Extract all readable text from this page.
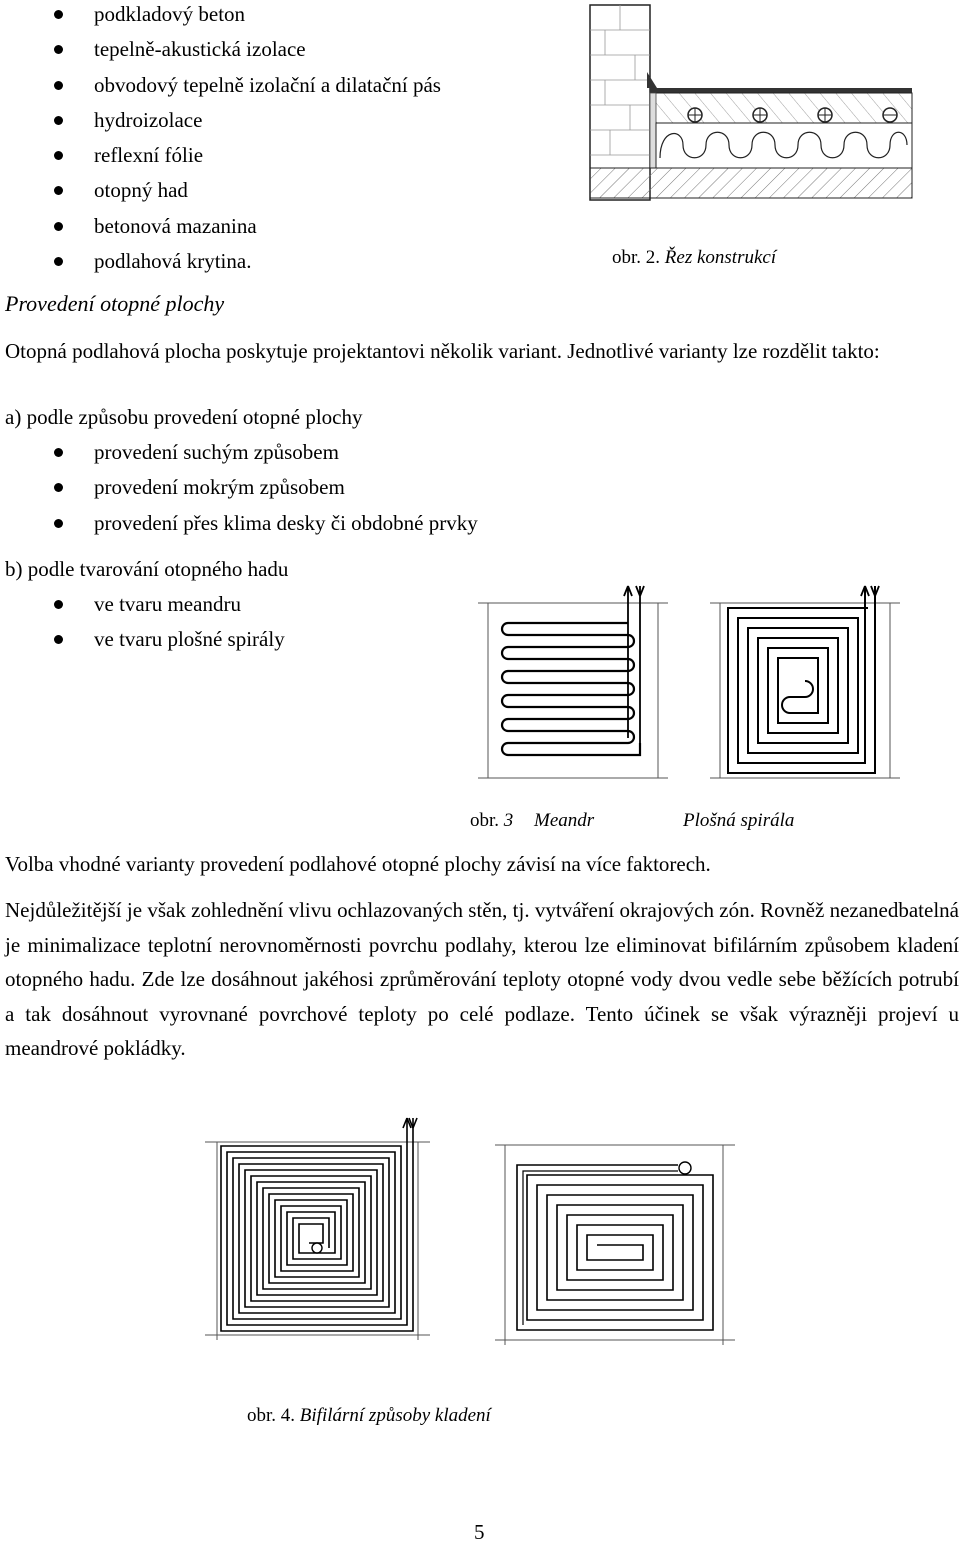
podkladový beton
tepelně-akustická izolace
obvodový tepelně izolační a dilatační pás
hydroizolace
reflexní fólie
otopný had
betonová mazanina
podlahová krytina.	obr. 2. Řez konstrukcí
Provedení otopné plochy
Otopná podlahová plocha poskytuje projektantovi několik variant. Jednotlivé varianty lze rozdělit takto:
a) podle způsobu provedení otopné plochy
provedení suchým způsobem
provedení mokrým způsobem
provedení přes klima desky či obdobné prvky
b) podle tvarování otopného hadu
ve tvaru meandru
ve tvaru plošné spirály
obr. 3 Meandr	Plošná spirála
Volba vhodné varianty provedení podlahové otopné plochy závisí na více faktorech.
Nejdůležitější je však zohlednění vlivu ochlazovaných stěn, tj. vytváření okrajových zón. Rovněž nezanedbatelná je minimalizace teplotní nerovnoměrnosti povrchu podlahy, kterou lze eliminovat bifilárním způsobem kladení otopného hadu. Zde lze dosáhnout jakéhosi zprůměrování teploty otopné vody dvou vedle sebe běžících potrubí a tak dosáhnout vyrovnané povrchové teploty po celé podlaze. Tento účinek se však výrazněji projeví u meandrové pokládky.
obr. 4. Bifilární způsoby kladení
5
